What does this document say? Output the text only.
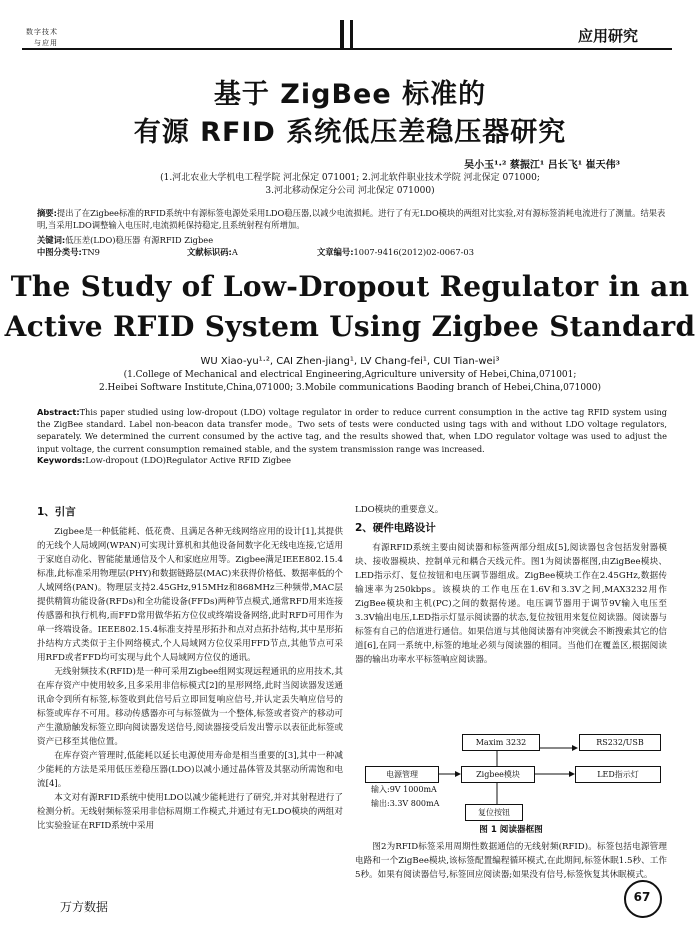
数字技术
与应用	应用研究
基于 ZigBee 标准的
有源 RFID 系统低压差稳压器研究
吴小玉¹·² 蔡振江¹ 吕长飞¹ 崔天伟³
(1.河北农业大学机电工程学院 河北保定 071001; 2.河北软件职业技术学院 河北保定 071000;
3.河北移动保定分公司 河北保定 071000)
摘要:提出了在Zigbee标准的RFID系统中有源标签电源处采用LDO稳压器,以减少电流损耗。进行了有无LDO模块的两组对比实验,对有源标签消耗电流进行了测量。结果表明,当采用LDO调整输入电压时,电流损耗保持稳定,且系统射程有所增加。
关键词:低压差(LDO)稳压器 有源RFID Zigbee
中图分类号:TN9	文献标识码:A	文章编号:1007-9416(2012)02-0067-03
The Study of Low-Dropout Regulator in an
Active RFID System Using Zigbee Standard
WU Xiao-yu¹·², CAI Zhen-jiang¹, LV Chang-fei¹, CUI Tian-wei³
(1.College of Mechanical and electrical Engineering,Agriculture university of Hebei,China,071001;
2.Heibei Software Institute,China,071000; 3.Mobile communications Baoding branch of Hebei,China,071000)
Abstract:This paper studied using low-dropout (LDO) voltage regulator in order to reduce current consumption in the active tag RFID system using the ZigBee standard. Label non-beacon data transfer mode。Two sets of tests were conducted using tags with and without LDO voltage regulators, separately. We determined the current consumed by the active tag, and the results showed that, when LDO regulator voltage was used to adjust the input voltage, the current consumption remained stable, and the system transmission range was increased.
Keywords:Low-dropout (LDO)Regulator Active RFID Zigbee
1、引言

Zigbee是一种低能耗、低花费、且满足各种无线网络应用的设计[1],其提供的无线个人局域网(WPAN)可实现计算机和其他设备间数字化无线电连接,它适用于家庭自动化、智能能量通信及个人和家庭应用等。Zigbee满足IEEE802.15.4标准,此标准采用物理层(PHY)和数据链路层(MAC)来获得价格低、数据率低的个人域网络(PAN)。物理层支持2.45GHz,915MHz和868MHz三种频带,MAC层提供精简功能设备(RFDs)和全功能设备(FFDs)两种节点模式,通常RFD用来连接传感器和执行机构,而FFD常用做华拓方位仪或终端设备网络,此时RFD可用作为单一终端设备。IEEE802.15.4标准支持星形拓扑和点对点拓扑结构,其中星形拓扑结构方式类似于主仆网络模式,个人局域网方位仪采用FFD节点,其他节点可采用RFD或者FFD均可实现与此个人局域网方位仪的通讯。

无线射频技术(RFID)是一种可采用Zigbee组网实现远程通讯的应用技术,其在库存资产中使用较多,且多采用非信标模式[2]的星形网络,此时当阅读器发送通讯命令到所有标签,标签收到此信号后立即回复响应信号,并认定丢失响应信号的标签或库存不可用。移动传感器亦可与标签做为一个整体,标签或者资产的移动可产生激励触发标签立即向阅读器发送信号,阅读器接受后发出警示以表征此标签或资产已移至其他位置。

在库存资产管理时,低能耗以延长电源使用寿命是相当重要的[3],其中一种减少能耗的方法是采用低压差稳压器(LDO)以减小通过晶体管及其驱动所需饱和电流[4]。

本文对有源RFID系统中使用LDO以减少能耗进行了研究,并对其射程进行了检测分析。无线射频标签采用非信标周期工作模式,并通过有无LDO模块的两组对比实验验证在RFID系统中采用

LDO模块的重要意义。

2、硬件电路设计

有源RFID系统主要由阅读器和标签两部分组成[5],阅读器包含包括发射器模块、接收器模块、控制单元和耦合天线元件。图1为阅读器框图,由ZigBee模块、LED指示灯、复位按钮和电压调节器组成。ZigBee模块工作在2.45GHz,数据传输速率为250kbps。该模块的工作电压在1.6V和3.3V之间,MAX3232用作ZigBee模块和主机(PC)之间的数据传递。电压调节器用于调节9V输入电压至3.3V输出电压,LED指示灯显示阅读器的状态,复位按钮用来复位阅读器。阅读器与标签有自己的信道进行通信。如果信道与其他阅读器有冲突就会不断搜索其它的信道[6],在同一系统中,标签的地址必须与阅读器的相同。当他们在覆盖区,根据阅读器的输出功率水平标签响应阅读器。

Maxim 3232	RS232/USB
电源管理	Zigbee模块	LED指示灯
输入:9V 1000mA
输出:3.3V 800mA
复位按钮
图 1 阅读器框图

图2为RFID标签采用周期性数据通信的无线射频(RFID)。标签包括电源管理电路和一个ZigBee模块,该标签配置编程循环模式,在此期间,标签休眠1.5秒、工作5秒。如果有阅读器信号,标签回应阅读器;如果没有信号,标签恢复其休眠模式。

万方数据
67
